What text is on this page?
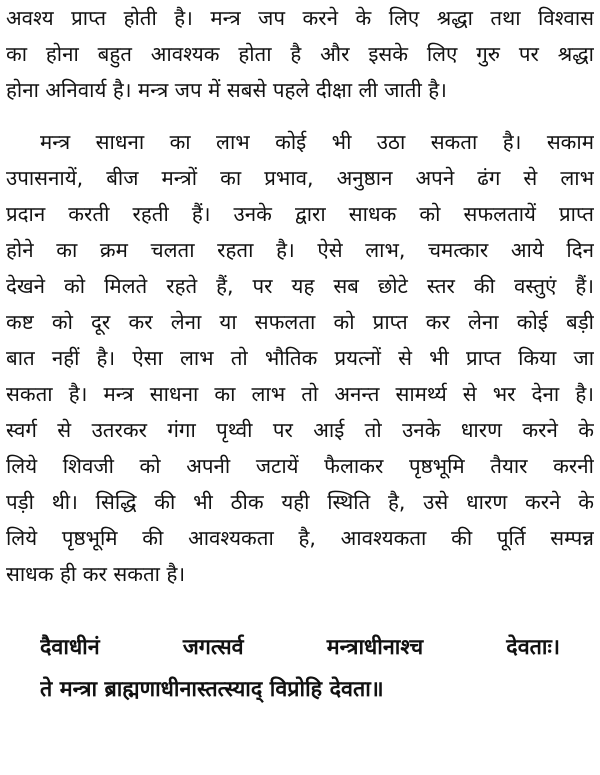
अवश्य प्राप्त होती है। मन्त्र जप करने के लिए श्रद्धा तथा विश्वास
का होना बहुत आवश्यक होता है और इसके लिए गुरु पर श्रद्धा
होना अनिवार्य है। मन्त्र जप में सबसे पहले दीक्षा ली जाती है।
मन्त्र साधना का लाभ कोई भी उठा सकता है। सकाम
उपासनायें, बीज मन्त्रों का प्रभाव, अनुष्ठान अपने ढंग से लाभ
प्रदान करती रहती हैं। उनके द्वारा साधक को सफलतायें प्राप्त
होने का क्रम चलता रहता है। ऐसे लाभ, चमत्कार आये दिन
देखने को मिलते रहते हैं, पर यह सब छोटे स्तर की वस्तुएं हैं।
कष्ट को दूर कर लेना या सफलता को प्राप्त कर लेना कोई बड़ी
बात नहीं है। ऐसा लाभ तो भौतिक प्रयत्नों से भी प्राप्त किया जा
सकता है। मन्त्र साधना का लाभ तो अनन्त सामर्थ्य से भर देना है।
स्वर्ग से उतरकर गंगा पृथ्वी पर आई तो उनके धारण करने के
लिये शिवजी को अपनी जटायें फैलाकर पृष्ठभूमि तैयार करनी
पड़ी थी। सिद्धि की भी ठीक यही स्थिति है, उसे धारण करने के
लिये पृष्ठभूमि की आवश्यकता है, आवश्यकता की पूर्ति सम्पन्न
साधक ही कर सकता है।
दैवाधीनं जगत्सर्व मन्त्राधीनाश्च देवताः।
ते मन्त्रा ब्राह्मणाधीनास्तत्स्याद् विप्रोहि देवता॥
